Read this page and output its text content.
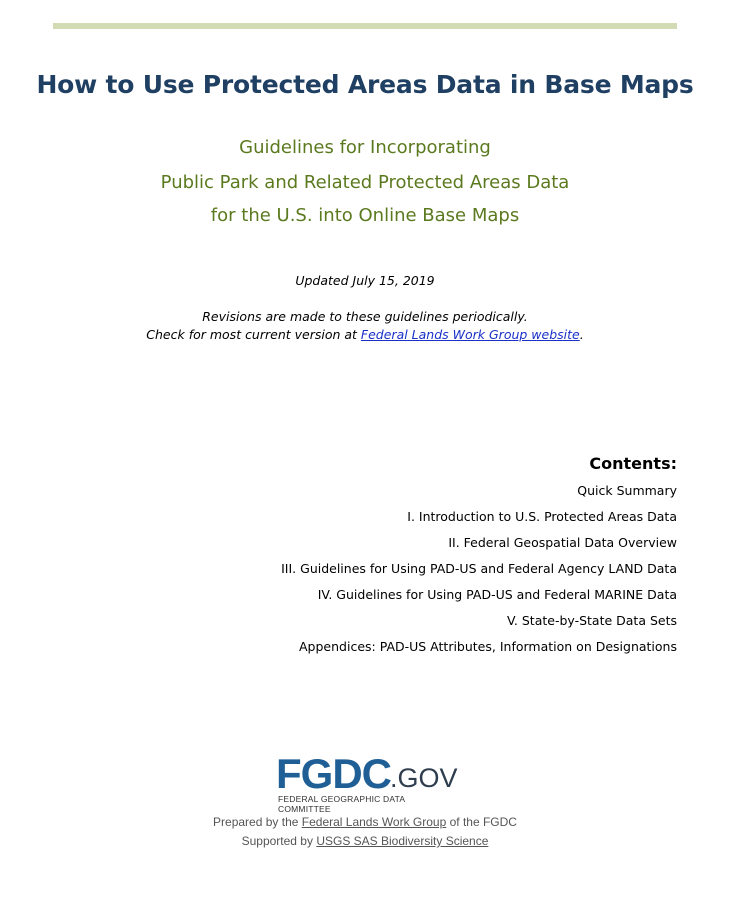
How to Use Protected Areas Data in Base Maps
Guidelines for Incorporating
Public Park and Related Protected Areas Data
for the U.S. into Online Base Maps
Updated July 15, 2019
Revisions are made to these guidelines periodically.
Check for most current version at Federal Lands Work Group website.
Contents:
Quick Summary
I. Introduction to U.S. Protected Areas Data
II. Federal Geospatial Data Overview
III. Guidelines for Using PAD-US and Federal Agency LAND Data
IV. Guidelines for Using PAD-US and Federal MARINE Data
V. State-by-State Data Sets
Appendices: PAD-US Attributes, Information on Designations
FGDC .GOV
FEDERAL GEOGRAPHIC DATA COMMITTEE
Prepared by the Federal Lands Work Group of the FGDC
Supported by USGS SAS Biodiversity Science
